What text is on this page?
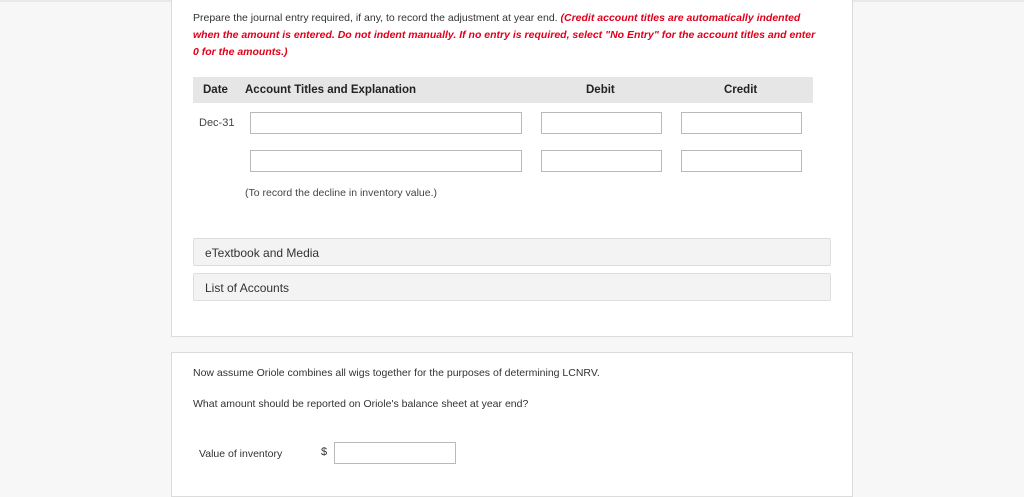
Prepare the journal entry required, if any, to record the adjustment at year end. (Credit account titles are automatically indented when the amount is entered. Do not indent manually. If no entry is required, select "No Entry" for the account titles and enter 0 for the amounts.)
Date Account Titles and Explanation	Debit	Credit
Dec-31
(To record the decline in inventory value.)
eTextbook and Media
List of Accounts
Now assume Oriole combines all wigs together for the purposes of determining LCNRV.
What amount should be reported on Oriole's balance sheet at year end?
Value of inventory	$
